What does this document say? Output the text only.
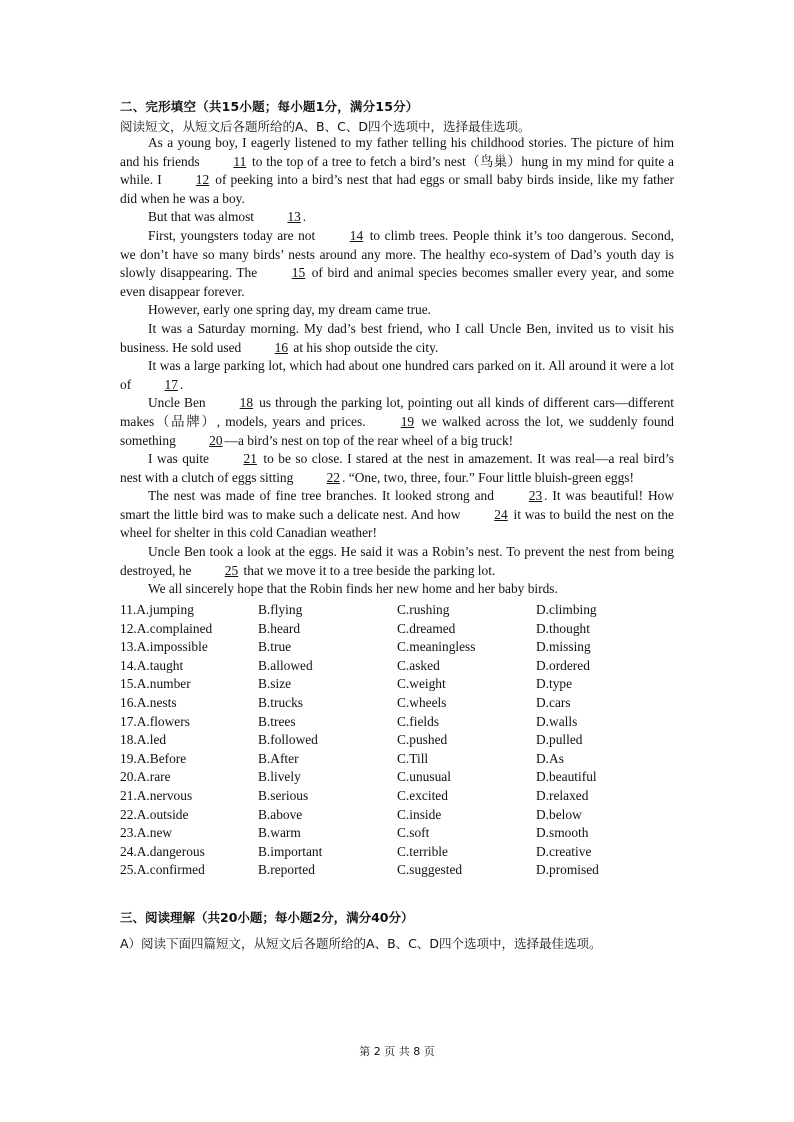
二、完形填空（共15小题；每小题1分，满分15分）
阅读短文，从短文后各题所给的A、B、C、D四个选项中，选择最佳选项。

As a young boy, I eagerly listened to my father telling his childhood stories. The picture of him and his friends	11 to the top of a tree to fetch a bird’s nest（鸟巢）hung in my mind for quite a while. I	12 of peeking into a bird’s nest that had eggs or small baby birds inside, like my father did when he was a boy.

But that was almost 13 .

First, youngsters today are not	14 to climb trees. People think it’s too dangerous. Second, we don’t have so many birds’ nests around any more. The healthy eco-system of Dad’s youth day is slowly disappearing. The	15 of bird and animal species becomes smaller every year, and some even disappear forever.

However, early one spring day, my dream came true.

It was a Saturday morning. My dad’s best friend, who I call Uncle Ben, invited us to visit his business. He sold used 16 at his shop outside the city.

It was a large parking lot, which had about one hundred cars parked on it. All around it were a lot of 17 .

Uncle Ben	18 us through the parking lot, pointing out all kinds of different cars—different makes（品牌）, models, years and prices.	19 we walked across the lot, we suddenly found something 20 —a bird’s nest on top of the rear wheel of a big truck!

I was quite	21 to be so close. I stared at the nest in amazement. It was real—a real bird’s nest with a clutch of eggs sitting 22 . “One, two, three, four.” Four little bluish-green eggs!

The nest was made of fine tree branches. It looked strong and	23 . It was beautiful! How smart the little bird was to make such a delicate nest. And how	24 it was to build the nest on the wheel for shelter in this cold Canadian weather!

Uncle Ben took a look at the eggs. He said it was a Robin’s nest. To prevent the nest from being destroyed, he 25 that we move it to a tree beside the parking lot.

We all sincerely hope that the Robin finds her new home and her baby birds.

11.A.jumping	B.flying	C.rushing	D.climbing
12.A.complained	B.heard	C.dreamed	D.thought
13.A.impossible	B.true	C.meaningless	D.missing
14.A.taught	B.allowed	C.asked	D.ordered
15.A.number	B.size	C.weight	D.type
16.A.nests	B.trucks	C.wheels	D.cars
17.A.flowers	B.trees	C.fields	D.walls
18.A.led	B.followed	C.pushed	D.pulled
19.A.Before	B.After	C.Till	D.As
20.A.rare	B.lively	C.unusual	D.beautiful
21.A.nervous	B.serious	C.excited	D.relaxed
22.A.outside	B.above	C.inside	D.below
23.A.new	B.warm	C.soft	D.smooth
24.A.dangerous	B.important	C.terrible	D.creative
25.A.confirmed	B.reported	C.suggested	D.promised
三、阅读理解（共20小题；每小题2分，满分40分）
A）阅读下面四篇短文，从短文后各题所给的A、B、C、D四个选项中，选择最佳选项。
第 2 页 共 8 页
